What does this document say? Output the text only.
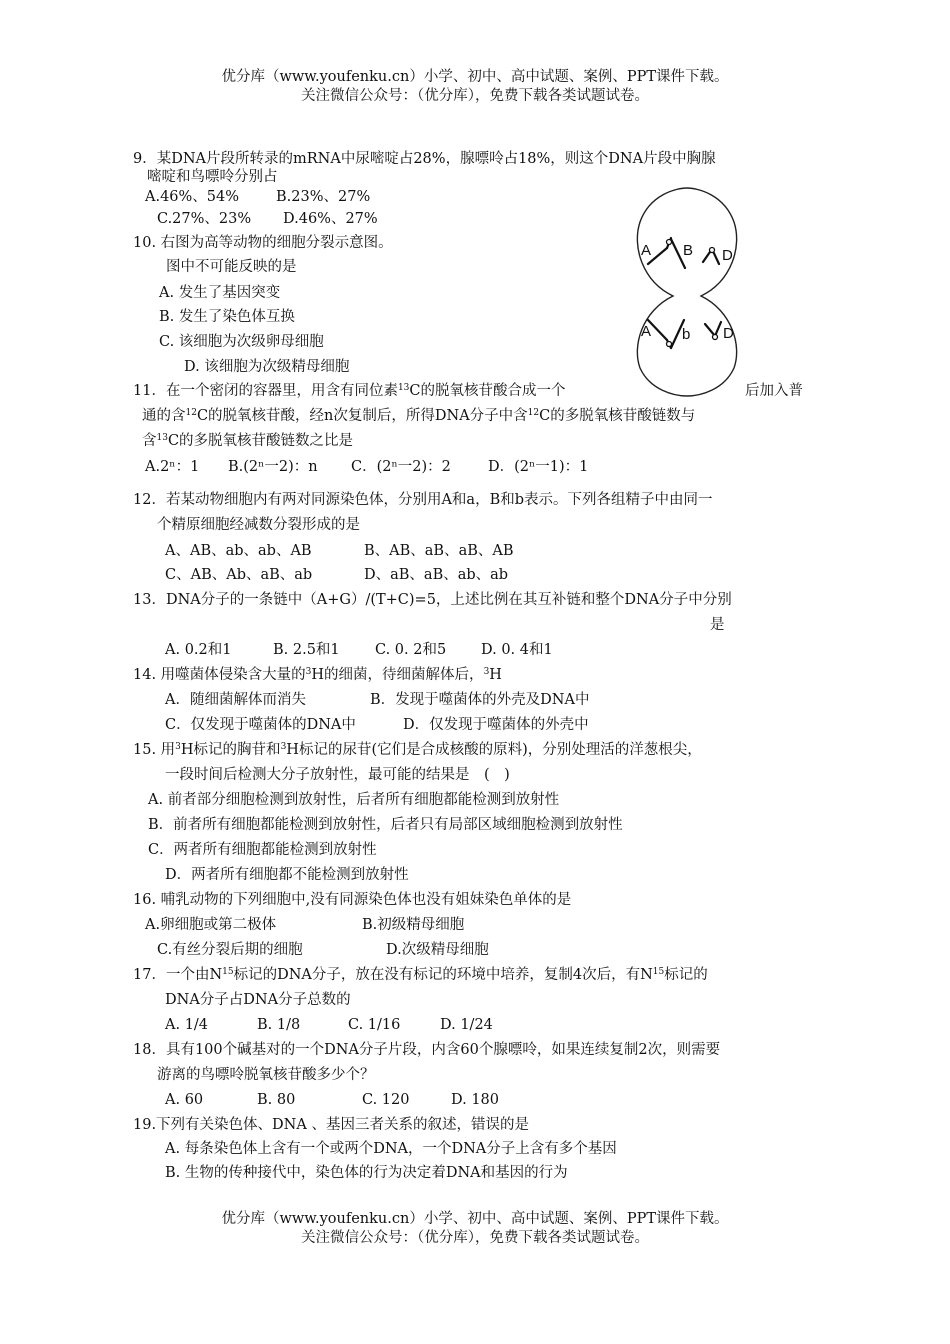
优分库（www.youfenku.cn）小学、初中、高中试题、案例、PPT课件下载。
关注微信公众号：（优分库），免费下载各类试题试卷。
9．某DNA片段所转录的mRNA中尿嘧啶占28%，腺嘌呤占18%，则这个DNA片段中胸腺
嘧啶和鸟嘌呤分别占
A.46%、54%	B.23%、27%
C.27%、23% D.46%、27%
10. 右图为高等动物的细胞分裂示意图。
图中不可能反映的是
A. 发生了基因突变
B. 发生了染色体互换
C. 该细胞为次级卵母细胞
D. 该细胞为次级精母细胞
A B D
A b D
11．在一个密闭的容器里，用含有同位素$^{13}$C的脱氧核苷酸合成一个	后加入普
通的含$^{12}$C的脱氧核苷酸，经n次复制后，所得DNA分子中含$^{12}$C的多脱氧核苷酸链数与
含$^{13}$C的多脱氧核苷酸链数之比是
A.2ⁿ：1 B.(2ⁿ一2)：n C．(2ⁿ一2)：2	D．(2ⁿ一1)：1
12．若某动物细胞内有两对同源染色体，分别用A和a，B和b表示。下列各组精子中由同一
个精原细胞经减数分裂形成的是
A、AB、ab、ab、AB	B、AB、aB、aB、AB
C、AB、Ab、aB、ab	D、aB、aB、ab、ab
13．DNA分子的一条链中（A+G）/(T+C)=5，上述比例在其互补链和整个DNA分子中分别
是
A. 0.2和1	B. 2.5和1 C. 0. 2和5 D. 0. 4和1
14. 用噬菌体侵染含大量的$^3$H的细菌，待细菌解体后，$^3$H
A．随细菌解体而消失	B．发现于噬菌体的外壳及DNA中
C．仅发现于噬菌体的DNA中	D．仅发现于噬菌体的外壳中
15. 用$^3$H标记的胸苷和$^3$H标记的尿苷(它们是合成核酸的原料)，分别处理活的洋葱根尖，
一段时间后检测大分子放射性，最可能的结果是　(　)
A. 前者部分细胞检测到放射性，后者所有细胞都能检测到放射性
B．前者所有细胞都能检测到放射性，后者只有局部区域细胞检测到放射性
C．两者所有细胞都能检测到放射性
D．两者所有细胞都不能检测到放射性
16. 哺乳动物的下列细胞中,没有同源染色体也没有姐妹染色单体的是
A.卵细胞或第二极体	B.初级精母细胞
C.有丝分裂后期的细胞	D.次级精母细胞
17．一个由$N^{15}$标记的DNA分子，放在没有标记的环境中培养，复制4次后，有$N^{15}$标记的
DNA分子占DNA分子总数的
A. 1/4	B. 1/8	C. 1/16	D. 1/24
18．具有100个碱基对的一个DNA分子片段，内含60个腺嘌呤，如果连续复制2次，则需要
游离的鸟嘌呤脱氧核苷酸多少个？
A. 60	B. 80	C. 120	D. 180
19.下列有关染色体、DNA 、基因三者关系的叙述，错误的是
A. 每条染色体上含有一个或两个DNA，一个DNA分子上含有多个基因
B. 生物的传种接代中，染色体的行为决定着DNA和基因的行为
优分库（www.youfenku.cn）小学、初中、高中试题、案例、PPT课件下载。
关注微信公众号：（优分库），免费下载各类试题试卷。
